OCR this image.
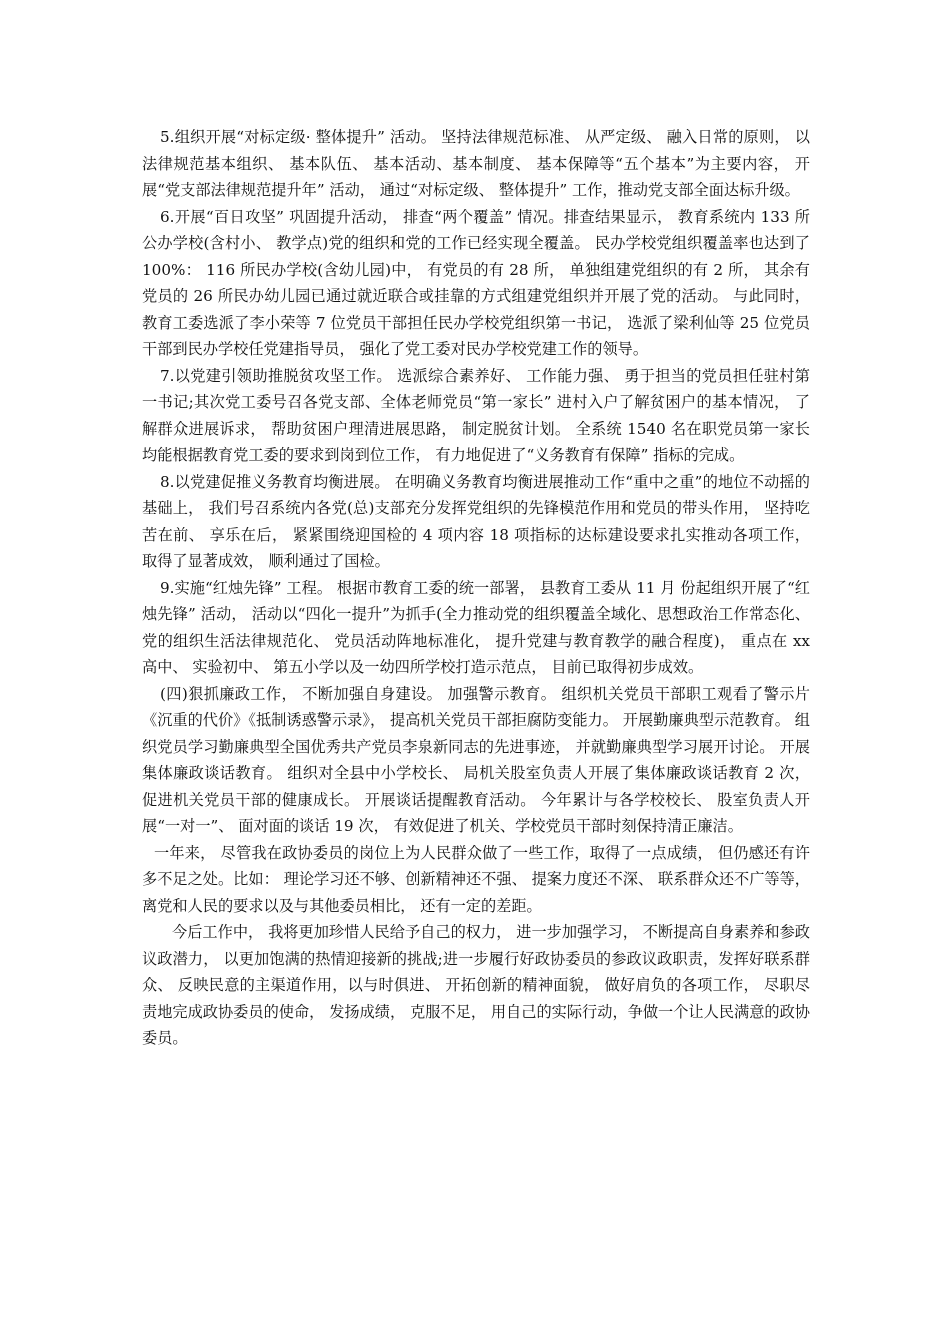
5.组织开展“对标定级· 整体提升” 活动。 坚持法律规范标准、 从严定级、 融入日常的原则， 以法律规范基本组织、 基本队伍、 基本活动、基本制度、 基本保障等“五个基本”为主要内容， 开展“党支部法律规范提升年” 活动， 通过“对标定级、 整体提升” 工作，推动党支部全面达标升级。

6.开展“百日攻坚” 巩固提升活动， 排查“两个覆盖” 情况。排查结果显示， 教育系统内 133 所公办学校(含村小、 教学点)党的组织和党的工作已经实现全覆盖。 民办学校党组织覆盖率也达到了 100%： 116 所民办学校(含幼儿园)中， 有党员的有 28 所， 单独组建党组织的有 2 所， 其余有党员的 26 所民办幼儿园已通过就近联合或挂靠的方式组建党组织并开展了党的活动。 与此同时， 教育工委选派了李小荣等 7 位党员干部担任民办学校党组织第一书记， 选派了梁利仙等 25 位党员干部到民办学校任党建指导员， 强化了党工委对民办学校党建工作的领导。

7.以党建引领助推脱贫攻坚工作。 选派综合素养好、 工作能力强、 勇于担当的党员担任驻村第一书记;其次党工委号召各党支部、全体老师党员“第一家长” 进村入户了解贫困户的基本情况， 了解群众进展诉求， 帮助贫困户理清进展思路， 制定脱贫计划。 全系统 1540 名在职党员第一家长均能根据教育党工委的要求到岗到位工作， 有力地促进了“义务教育有保障” 指标的完成。

8.以党建促推义务教育均衡进展。 在明确义务教育均衡进展推动工作“重中之重”的地位不动摇的基础上， 我们号召系统内各党(总)支部充分发挥党组织的先锋模范作用和党员的带头作用， 坚持吃苦在前、 享乐在后， 紧紧围绕迎国检的 4 项内容 18 项指标的达标建设要求扎实推动各项工作， 取得了显著成效， 顺利通过了国检。

9.实施“红烛先锋” 工程。 根据市教育工委的统一部署， 县教育工委从 11 月 份起组织开展了“红烛先锋” 活动， 活动以“四化一提升”为抓手(全力推动党的组织覆盖全域化、思想政治工作常态化、党的组织生活法律规范化、 党员活动阵地标准化， 提升党建与教育教学的融合程度)， 重点在 xx 高中、 实验初中、 第五小学以及一幼四所学校打造示范点， 目前已取得初步成效。

(四)狠抓廉政工作， 不断加强自身建设。 加强警示教育。 组织机关党员干部职工观看了警示片《沉重的代价》《抵制诱惑警示录》， 提高机关党员干部拒腐防变能力。 开展勤廉典型示范教育。 组织党员学习勤廉典型全国优秀共产党员李泉新同志的先进事迹， 并就勤廉典型学习展开讨论。 开展集体廉政谈话教育。 组织对全县中小学校长、 局机关股室负责人开展了集体廉政谈话教育 2 次， 促进机关党员干部的健康成长。 开展谈话提醒教育活动。 今年累计与各学校校长、 股室负责人开展“一对一”、 面对面的谈话 19 次， 有效促进了机关、学校党员干部时刻保持清正廉洁。

一年来， 尽管我在政协委员的岗位上为人民群众做了一些工作，取得了一点成绩， 但仍感还有许多不足之处。比如： 理论学习还不够、创新精神还不强、 提案力度还不深、 联系群众还不广等等， 离党和人民的要求以及与其他委员相比， 还有一定的差距。

今后工作中， 我将更加珍惜人民给予自己的权力， 进一步加强学习， 不断提高自身素养和参政议政潜力， 以更加饱满的热情迎接新的挑战;进一步履行好政协委员的参政议政职责，发挥好联系群众、 反映民意的主渠道作用，以与时俱进、 开拓创新的精神面貌， 做好肩负的各项工作， 尽职尽责地完成政协委员的使命， 发扬成绩， 克服不足， 用自己的实际行动，争做一个让人民满意的政协委员。
